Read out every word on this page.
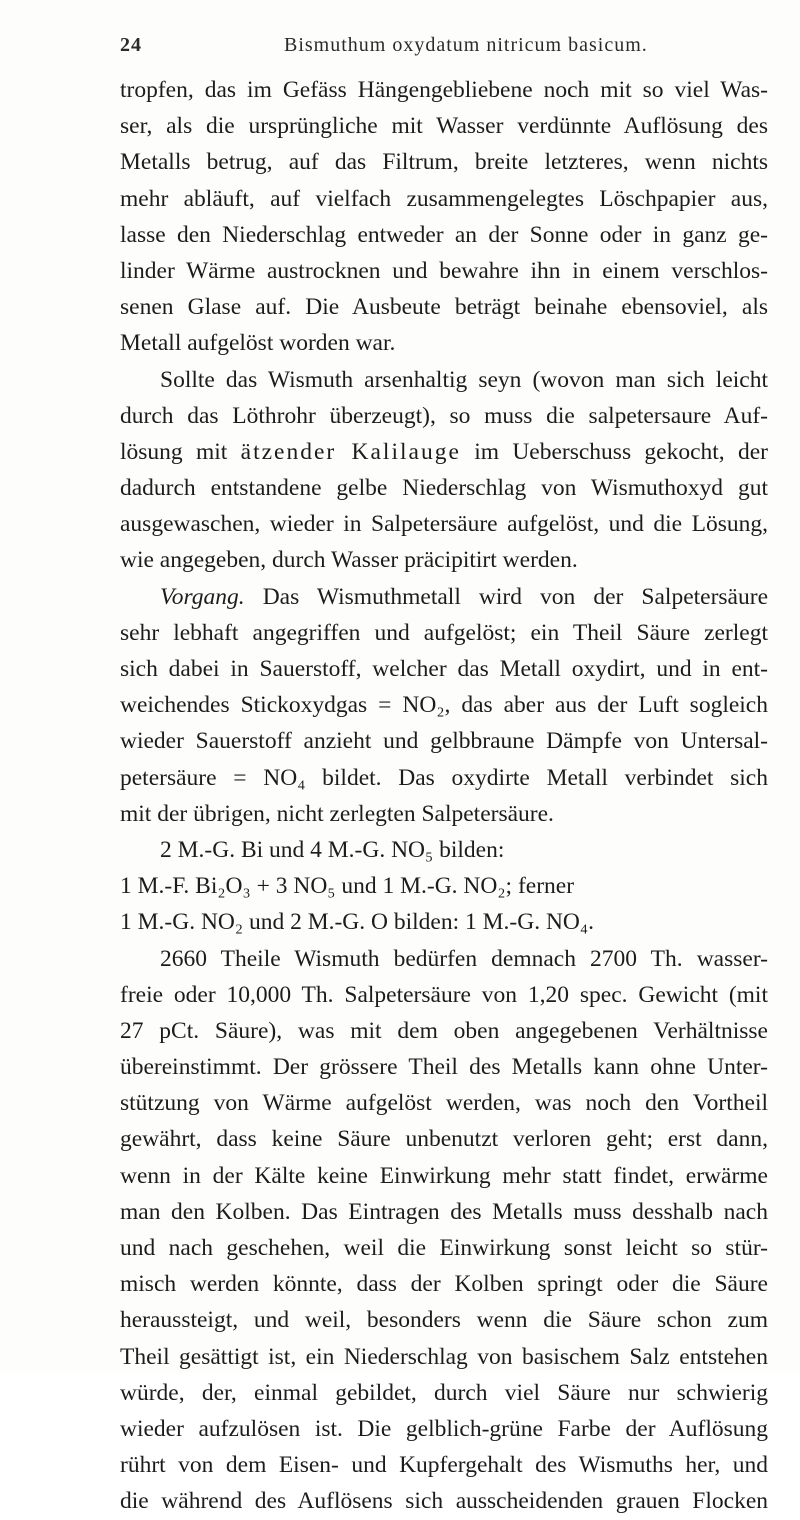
24	Bismuthum oxydatum nitricum basicum.
tropfen, das im Gefäss Hängengebliebene noch mit so viel Was-
ser, als die ursprüngliche mit Wasser verdünnte Auflösung des
Metalls betrug, auf das Filtrum, breite letzteres, wenn nichts
mehr abläuft, auf vielfach zusammengelegtes Löschpapier aus,
lasse den Niederschlag entweder an der Sonne oder in ganz ge-
linder Wärme austrocknen und bewahre ihn in einem verschlos-
senen Glase auf. Die Ausbeute beträgt beinahe ebensoviel, als
Metall aufgelöst worden war.
Sollte das Wismuth arsenhaltig seyn (wovon man sich leicht
durch das Löthrohr überzeugt), so muss die salpetersaure Auf-
lösung mit ätzender Kalilauge im Ueberschuss gekocht, der
dadurch entstandene gelbe Niederschlag von Wismuthoxyd gut
ausgewaschen, wieder in Salpetersäure aufgelöst, und die Lösung,
wie angegeben, durch Wasser präcipitirt werden.
Vorgang. Das Wismuthmetall wird von der Salpetersäure
sehr lebhaft angegriffen und aufgelöst; ein Theil Säure zerlegt
sich dabei in Sauerstoff, welcher das Metall oxydirt, und in ent-
weichendes Stickoxydgas = NO₂, das aber aus der Luft sogleich
wieder Sauerstoff anzieht und gelbbraune Dämpfe von Untersal-
petersäure = NO₄ bildet. Das oxydirte Metall verbindet sich
mit der übrigen, nicht zerlegten Salpetersäure.
2 M.-G. Bi und 4 M.-G. NO₅ bilden:
1 M.-F. Bi₂O₃ + 3 NO₅ und 1 M.-G. NO₂; ferner
1 M.-G. NO₂ und 2 M.-G. O bilden: 1 M.-G. NO₄.
2660 Theile Wismuth bedürfen demnach 2700 Th. wasser-
freie oder 10,000 Th. Salpetersäure von 1,20 spec. Gewicht (mit
27 pCt. Säure), was mit dem oben angegebenen Verhältnisse
übereinstimmt. Der grössere Theil des Metalls kann ohne Unter-
stützung von Wärme aufgelöst werden, was noch den Vortheil
gewährt, dass keine Säure unbenutzt verloren geht; erst dann,
wenn in der Kälte keine Einwirkung mehr statt findet, erwärme
man den Kolben. Das Eintragen des Metalls muss desshalb nach
und nach geschehen, weil die Einwirkung sonst leicht so stür-
misch werden könnte, dass der Kolben springt oder die Säure
heraussteigt, und weil, besonders wenn die Säure schon zum
Theil gesättigt ist, ein Niederschlag von basischem Salz entstehen
würde, der, einmal gebildet, durch viel Säure nur schwierig
wieder aufzulösen ist. Die gelblich-grüne Farbe der Auflösung
rührt von dem Eisen- und Kupfergehalt des Wismuths her, und
die während des Auflösens sich ausscheidenden grauen Flocken
